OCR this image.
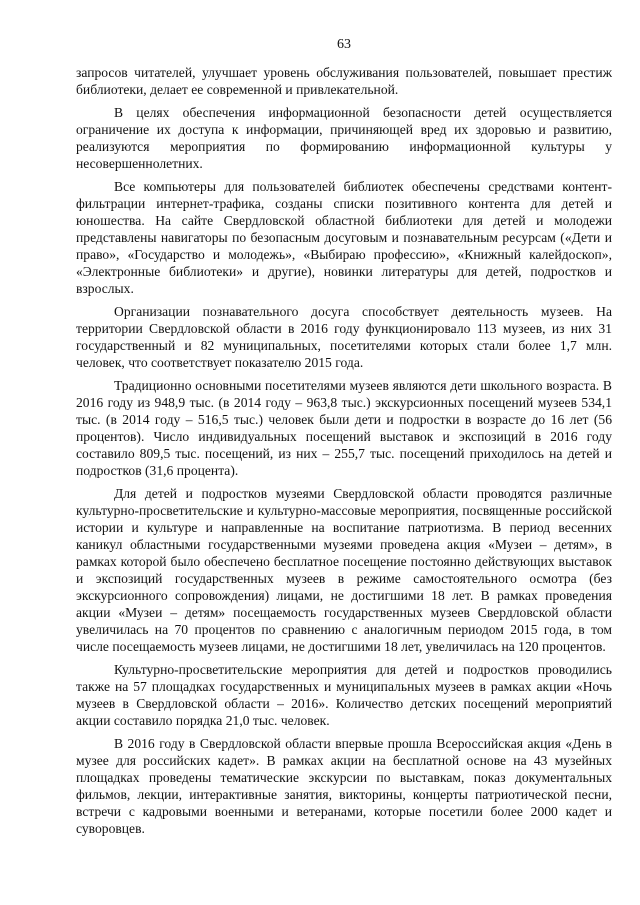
63

запросов читателей, улучшает уровень обслуживания пользователей, повышает престиж библиотеки, делает ее современной и привлекательной.

В целях обеспечения информационной безопасности детей осуществляется ограничение их доступа к информации, причиняющей вред их здоровью и развитию, реализуются мероприятия по формированию информационной культуры у несовершеннолетних.

Все компьютеры для пользователей библиотек обеспечены средствами контент-фильтрации интернет-трафика, созданы списки позитивного контента для детей и юношества. На сайте Свердловской областной библиотеки для детей и молодежи представлены навигаторы по безопасным досуговым и познавательным ресурсам («Дети и право», «Государство и молодежь», «Выбираю профессию», «Книжный калейдоскоп», «Электронные библиотеки» и другие), новинки литературы для детей, подростков и взрослых.

Организации познавательного досуга способствует деятельность музеев. На территории Свердловской области в 2016 году функционировало 113 музеев, из них 31 государственный и 82 муниципальных, посетителями которых стали более 1,7 млн. человек, что соответствует показателю 2015 года.

Традиционно основными посетителями музеев являются дети школьного возраста. В 2016 году из 948,9 тыс. (в 2014 году – 963,8 тыс.) экскурсионных посещений музеев 534,1 тыс. (в 2014 году – 516,5 тыс.) человек были дети и подростки в возрасте до 16 лет (56 процентов). Число индивидуальных посещений выставок и экспозиций в 2016 году составило 809,5 тыс. посещений, из них – 255,7 тыс. посещений приходилось на детей и подростков (31,6 процента).

Для детей и подростков музеями Свердловской области проводятся различные культурно-просветительские и культурно-массовые мероприятия, посвященные российской истории и культуре и направленные на воспитание патриотизма. В период весенних каникул областными государственными музеями проведена акция «Музеи – детям», в рамках которой было обеспечено бесплатное посещение постоянно действующих выставок и экспозиций государственных музеев в режиме самостоятельного осмотра (без экскурсионного сопровождения) лицами, не достигшими 18 лет. В рамках проведения акции «Музеи – детям» посещаемость государственных музеев Свердловской области увеличилась на 70 процентов по сравнению с аналогичным периодом 2015 года, в том числе посещаемость музеев лицами, не достигшими 18 лет, увеличилась на 120 процентов.

Культурно-просветительские мероприятия для детей и подростков проводились также на 57 площадках государственных и муниципальных музеев в рамках акции «Ночь музеев в Свердловской области – 2016». Количество детских посещений мероприятий акции составило порядка 21,0 тыс. человек.

В 2016 году в Свердловской области впервые прошла Всероссийская акция «День в музее для российских кадет». В рамках акции на бесплатной основе на 43 музейных площадках проведены тематические экскурсии по выставкам, показ документальных фильмов, лекции, интерактивные занятия, викторины, концерты патриотической песни, встречи с кадровыми военными и ветеранами, которые посетили более 2000 кадет и суворовцев.
